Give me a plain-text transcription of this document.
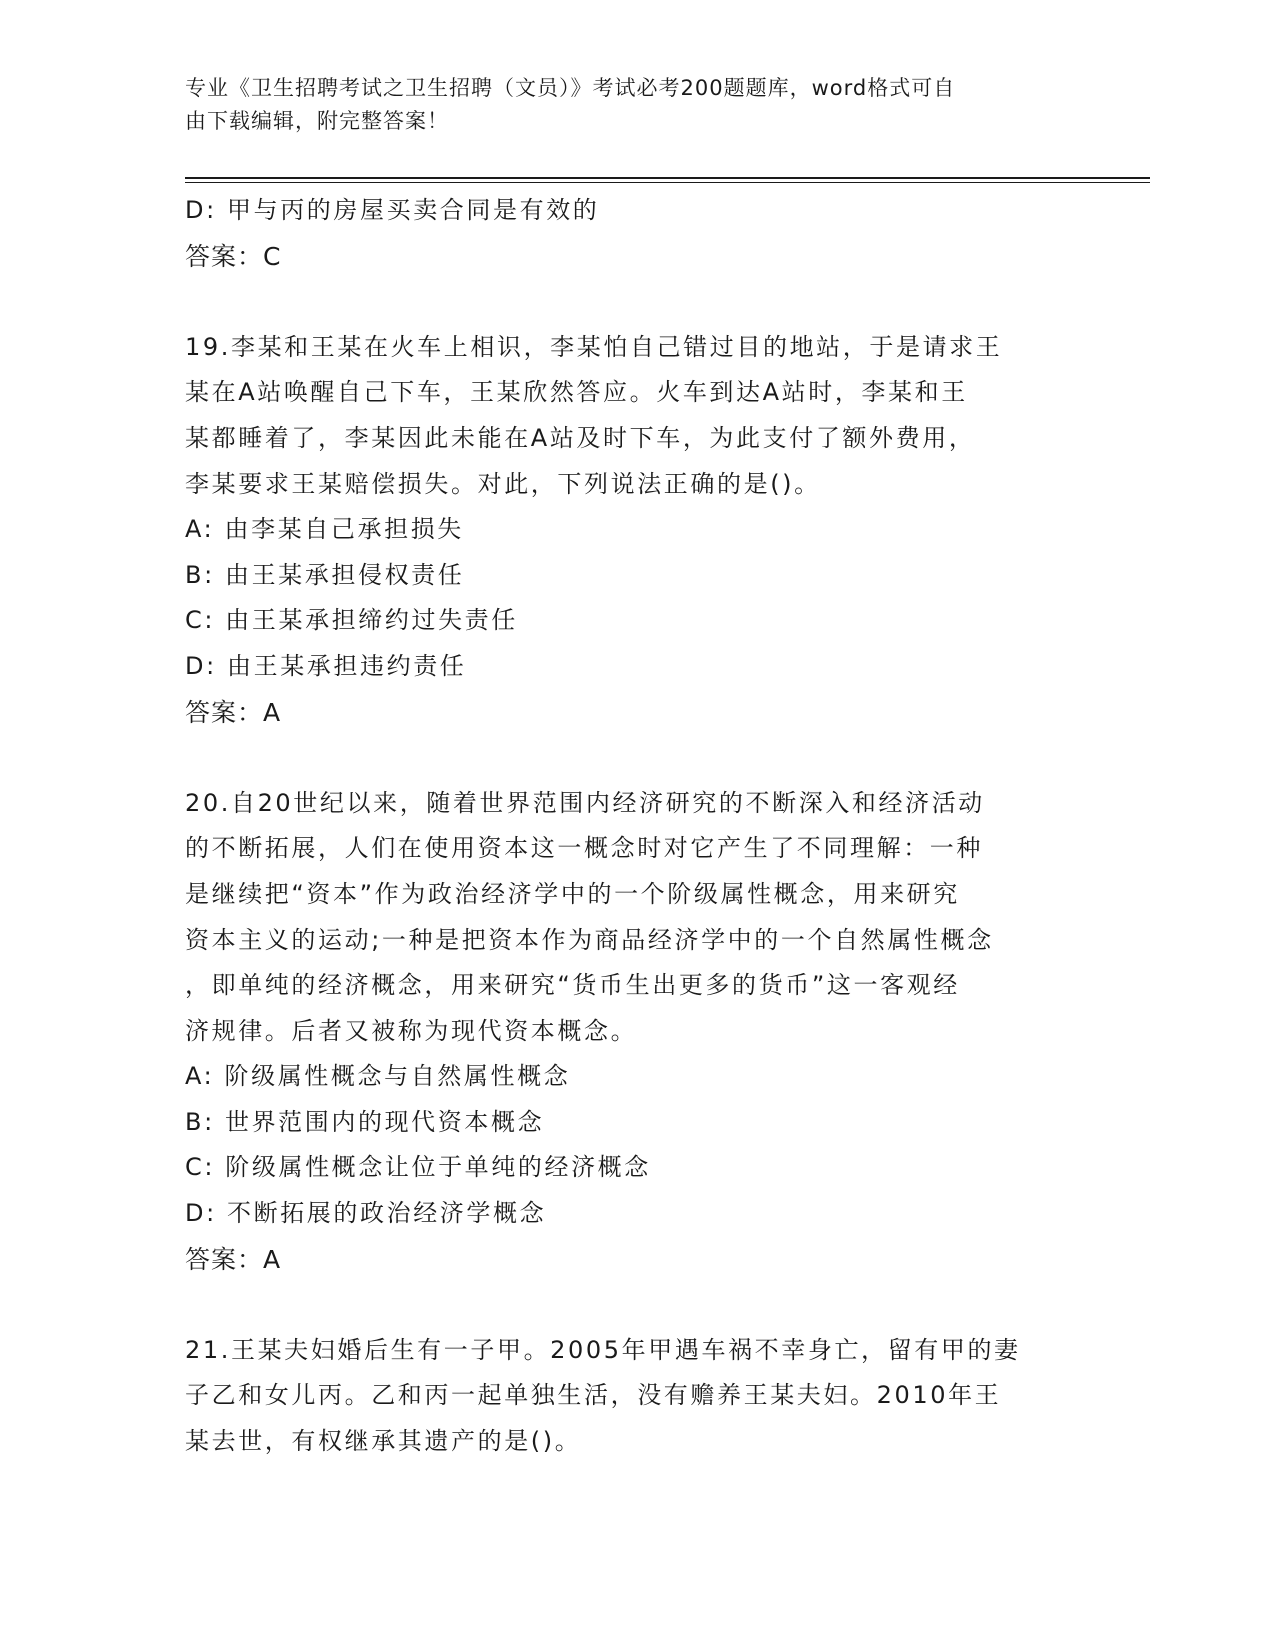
专业《卫生招聘考试之卫生招聘（文员）》考试必考200题题库，word格式可自
由下载编辑，附完整答案！
D: 甲与丙的房屋买卖合同是有效的
答案：C
19.李某和王某在火车上相识，李某怕自己错过目的地站，于是请求王
某在A站唤醒自己下车，王某欣然答应。火车到达A站时，李某和王
某都睡着了，李某因此未能在A站及时下车，为此支付了额外费用，
李某要求王某赔偿损失。对此，下列说法正确的是()。
A: 由李某自己承担损失
B: 由王某承担侵权责任
C: 由王某承担缔约过失责任
D: 由王某承担违约责任
答案：A
20.自20世纪以来，随着世界范围内经济研究的不断深入和经济活动
的不断拓展，人们在使用资本这一概念时对它产生了不同理解：一种
是继续把“资本”作为政治经济学中的一个阶级属性概念，用来研究
资本主义的运动;一种是把资本作为商品经济学中的一个自然属性概念
，即单纯的经济概念，用来研究“货币生出更多的货币”这一客观经
济规律。后者又被称为现代资本概念。
A: 阶级属性概念与自然属性概念
B: 世界范围内的现代资本概念
C: 阶级属性概念让位于单纯的经济概念
D: 不断拓展的政治经济学概念
答案：A
21.王某夫妇婚后生有一子甲。2005年甲遇车祸不幸身亡，留有甲的妻
子乙和女儿丙。乙和丙一起单独生活，没有赡养王某夫妇。2010年王
某去世，有权继承其遗产的是()。
